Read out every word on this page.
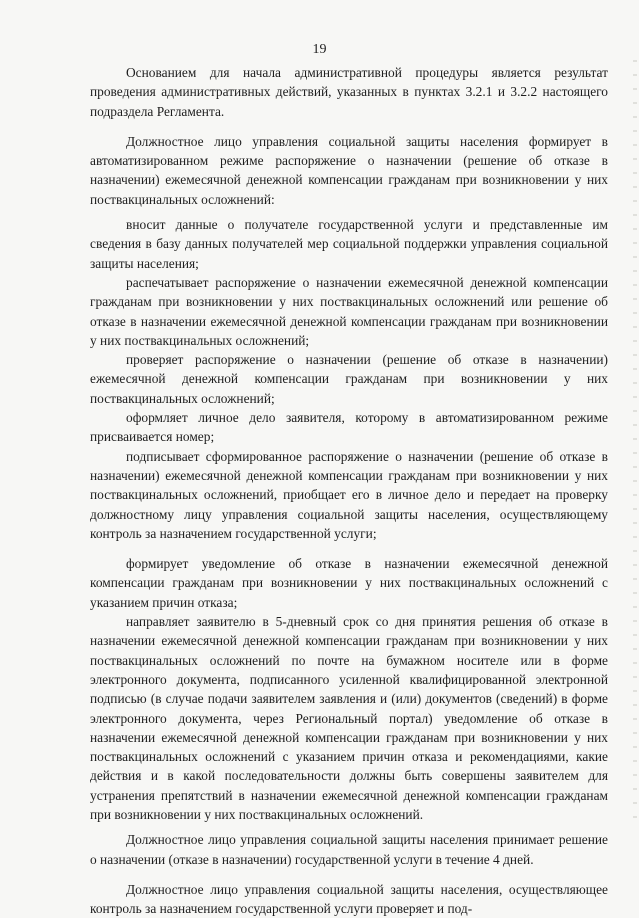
19

Основанием для начала административной процедуры является результат проведения административных действий, указанных в пунктах 3.2.1 и 3.2.2 настоящего подраздела Регламента.

Должностное лицо управления социальной защиты населения формирует в автоматизированном режиме распоряжение о назначении (решение об отказе в назначении) ежемесячной денежной компенсации гражданам при возникновении у них поствакцинальных осложнений:

вносит данные о получателе государственной услуги и представленные им сведения в базу данных получателей мер социальной поддержки управления социальной защиты населения;

распечатывает распоряжение о назначении ежемесячной денежной компенсации гражданам при возникновении у них поствакцинальных осложнений или решение об отказе в назначении ежемесячной денежной компенсации гражданам при возникновении у них поствакцинальных осложнений;

проверяет распоряжение о назначении (решение об отказе в назначении) ежемесячной денежной компенсации гражданам при возникновении у них поствакцинальных осложнений;

оформляет личное дело заявителя, которому в автоматизированном режиме присваивается номер;

подписывает сформированное распоряжение о назначении (решение об отказе в назначении) ежемесячной денежной компенсации гражданам при возникновении у них поствакцинальных осложнений, приобщает его в личное дело и передает на проверку должностному лицу управления социальной защиты населения, осуществляющему контроль за назначением государственной услуги;

формирует уведомление об отказе в назначении ежемесячной денежной компенсации гражданам при возникновении у них поствакцинальных осложнений с указанием причин отказа;

направляет заявителю в 5-дневный срок со дня принятия решения об отказе в назначении ежемесячной денежной компенсации гражданам при возникновении у них поствакцинальных осложнений по почте на бумажном носителе или в форме электронного документа, подписанного усиленной квалифицированной электронной подписью (в случае подачи заявителем заявления и (или) документов (сведений) в форме электронного документа, через Региональный портал) уведомление об отказе в назначении ежемесячной денежной компенсации гражданам при возникновении у них поствакцинальных осложнений с указанием причин отказа и рекомендациями, какие действия и в какой последовательности должны быть совершены заявителем для устранения препятствий в назначении ежемесячной денежной компенсации гражданам при возникновении у них поствакцинальных осложнений.

Должностное лицо управления социальной защиты населения принимает решение о назначении (отказе в назначении) государственной услуги в течение 4 дней.

Должностное лицо управления социальной защиты населения, осуществляющее контроль за назначением государственной услуги проверяет и под-
